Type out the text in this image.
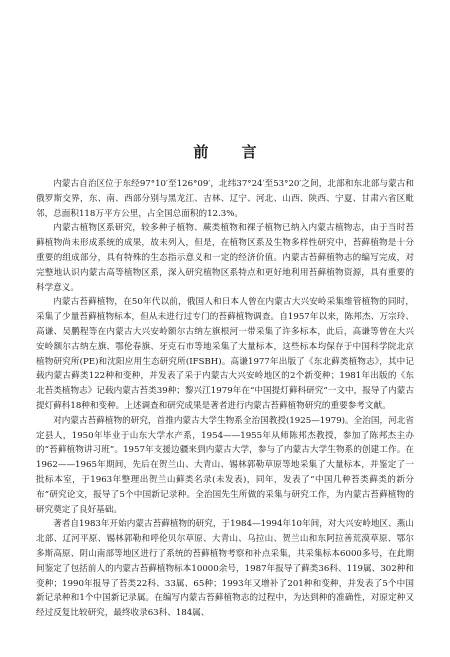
前 言

内蒙古自治区位于东经97°10′至126°09′，北纬37°24′至53°20′之间，北部和东北部与蒙古和俄罗斯交界，东、南、西部分别与黑龙江、吉林、辽宁、河北、山西、陕西、宁夏、甘肃六省区毗邻，总面积118万平方公里，占全国总面积的12.3%。

内蒙古植物区系研究，较多种子植物、蕨类植物和裸子植物已纳入内蒙古植物志，由于当时苔藓植物尚未形成系统的成果，故未列入，但是，在植物区系及生物多样性研究中，苔藓植物是十分重要的组成部分，具有特殊的生态指示意义和一定的经济价值。内蒙古苔藓植物志的编写完成，对完整地认识内蒙古高等植物区系，深入研究植物区系特点和更好地利用苔藓植物资源，具有重要的科学意义。

内蒙古苔藓植物，在50年代以前，俄国人和日本人曾在内蒙古大兴安岭采集维管植物的同时，采集了少量苔藓植物标本，但从未进行过专门的苔藓植物调查。自1957年以来，陈邦杰、万宗玲、高谦、吴鹏程等在内蒙古大兴安岭额尔古纳左旗根河一带采集了许多标本，此后，高谦等曾在大兴安岭额尔古纳左旗、鄂伦春旗、牙克石市等地采集了大量标本，这些标本均保存于中国科学院北京植物研究所(PE)和沈阳应用生态研究所(IFSBH)。高谦1977年出版了《东北藓类植物志》，其中记载内蒙古藓类122种和变种，并发表了采于内蒙古大兴安岭地区的2个新变种；1981年出版的《东北苔类植物志》记载内蒙古苔类39种；黎兴江1979年在“中国提灯藓科研究”一文中，报导了内蒙古提灯藓科18种和变种。上述调查和研究成果是著者进行内蒙古苔藓植物研究的重要参考文献。

对内蒙古苔藓植物的研究，首推内蒙古大学生物系全治国教授(1925—1979)。全治国，河北省定县人，1950年毕业于山东大学水产系，1954——1955年从师陈邦杰教授，参加了陈邦杰主办的“苔藓植物讲习班”。1957年支援边疆来到内蒙古大学，参与了内蒙古大学生物系的创建工作。在1962——1965年期间，先后在贺兰山、大青山、锡林郭勒草原等地采集了大量标本，并鉴定了一批标本室，于1963年整理出贺兰山藓类名录(未发表)，同年，发表了“中国几种苔类藓类的新分布”研究论文，报导了5个中国新记录种。全治国先生所做的采集与研究工作，为内蒙古苔藓植物的研究奠定了良好基础。

著者自1983年开始内蒙古苔藓植物的研究，于1984—1994年10年间，对大兴安岭地区、燕山北部、辽河平原、锡林郭勒和呼伦贝尔草原、大青山、乌拉山、贺兰山和东阿拉善荒漠草原、鄂尔多斯高原、阴山南部等地区进行了系统的苔藓植物考察和补点采集，共采集标本6000多号，在此期间鉴定了包括前人的内蒙古苔藓植物标本10000余号，1987年报导了藓类36科、119属、302种和变种；1990年报导了苔类22科、33属、65种；1993年又增补了201种和变种，并发表了5个中国新记录种和1个中国新记录属。在编写内蒙古苔藓植物志的过程中，为达到种的准确性，对原定种又经过反复比较研究，最终收录63科、184属、
